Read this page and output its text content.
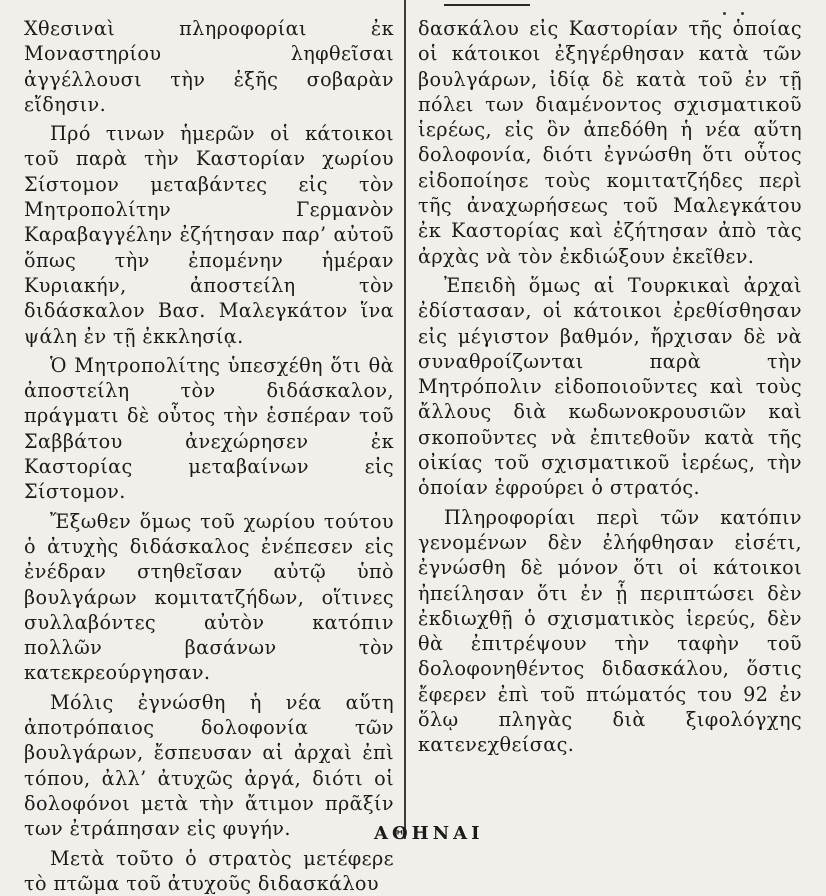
Χθεσιναὶ πληροφορίαι ἐκ Μοναστηρίου ληφθεῖσαι ἀγγέλλουσι τὴν ἑξῆς σοβαρὰν εἴδησιν.

Πρό τινων ἡμερῶν οἱ κάτοικοι τοῦ παρὰ τὴν Καστορίαν χωρίου Σίστομον μεταβάντες εἰς τὸν Μητροπολίτην Γερμανὸν Καραβαγγέλην ἐζήτησαν παρ’ αὐτοῦ ὅπως τὴν ἐπομένην ἡμέραν Κυριακήν, ἀποστείλη τὸν διδάσκαλον Βασ. Μαλεγκάτον ἵνα ψάλη ἐν τῇ ἐκκλησίᾳ.

Ὁ Μητροπολίτης ὑπεσχέθη ὅτι θὰ ἀποστείλη τὸν διδάσκαλον, πράγματι δὲ οὗτος τὴν ἑσπέραν τοῦ Σαββάτου ἀνεχώρησεν ἐκ Καστορίας μεταβαίνων εἰς Σίστομον.

Ἔξωθεν ὅμως τοῦ χωρίου τούτου ὁ ἀτυχὴς διδάσκαλος ἐνέπεσεν εἰς ἐνέδραν στηθεῖσαν αὐτῷ ὑπὸ βουλγάρων κομιτατζήδων, οἵτινες συλλαβόντες αὐτὸν κατόπιν πολλῶν βασάνων τὸν κατεκρεούργησαν.

Μόλις ἐγνώσθη ἡ νέα αὕτη ἀποτρόπαιος δολοφονία τῶν βουλγάρων, ἔσπευσαν αἱ ἀρχαὶ ἐπὶ τόπου, ἀλλ’ ἀτυχῶς ἀργά, διότι οἱ δολοφόνοι μετὰ τὴν ἄτιμον πρᾶξίν των ἐτράπησαν εἰς φυγήν.

Μετὰ τοῦτο ὁ στρατὸς μετέφερε τὸ πτῶμα τοῦ ἀτυχοῦς διδασκάλου

δασκάλου εἰς Καστορίαν τῆς ὁποίας οἱ κάτοικοι ἐξηγέρθησαν κατὰ τῶν βουλγάρων, ἰδίᾳ δὲ κατὰ τοῦ ἐν τῇ πόλει των διαμένοντος σχισματικοῦ ἱερέως, εἰς ὃν ἀπεδόθη ἡ νέα αὕτη δολοφονία, διότι ἐγνώσθη ὅτι οὗτος εἰδοποίησε τοὺς κομιτατζήδες περὶ τῆς ἀναχωρήσεως τοῦ Μαλεγκάτου ἐκ Καστορίας καὶ ἐζήτησαν ἀπὸ τὰς ἀρχὰς νὰ τὸν ἐκδιώξουν ἐκεῖθεν.

Ἐπειδὴ ὅμως αἱ Τουρκικαὶ ἀρχαὶ ἐδίστασαν, οἱ κάτοικοι ἐρεθίσθησαν εἰς μέγιστον βαθμόν, ἤρχισαν δὲ νὰ συναθροίζωνται παρὰ τὴν Μητρόπολιν εἰδοποιοῦντες καὶ τοὺς ἄλλους διὰ κωδωνοκρουσιῶν καὶ σκοποῦντες νὰ ἐπιτεθοῦν κατὰ τῆς οἰκίας τοῦ σχισματικοῦ ἱερέως, τὴν ὁποίαν ἐφρούρει ὁ στρατός.

Πληροφορίαι περὶ τῶν κατόπιν γενομένων δὲν ἐλήφθησαν εἰσέτι, ἐγνώσθη δὲ μόνον ὅτι οἱ κάτοικοι ἠπείλησαν ὅτι ἐν ᾗ περιπτώσει δὲν ἐκδιωχθῇ ὁ σχισματικὸς ἱερεύς, δὲν θὰ ἐπιτρέψουν τὴν ταφὴν τοῦ δολοφονηθέντος διδασκάλου, ὅστις ἔφερεν ἐπὶ τοῦ πτώματός του 92 ἐν ὅλῳ πληγὰς διὰ ξιφολόγχης κατενεχθείσας.

ΑΘΗΝΑΙ
